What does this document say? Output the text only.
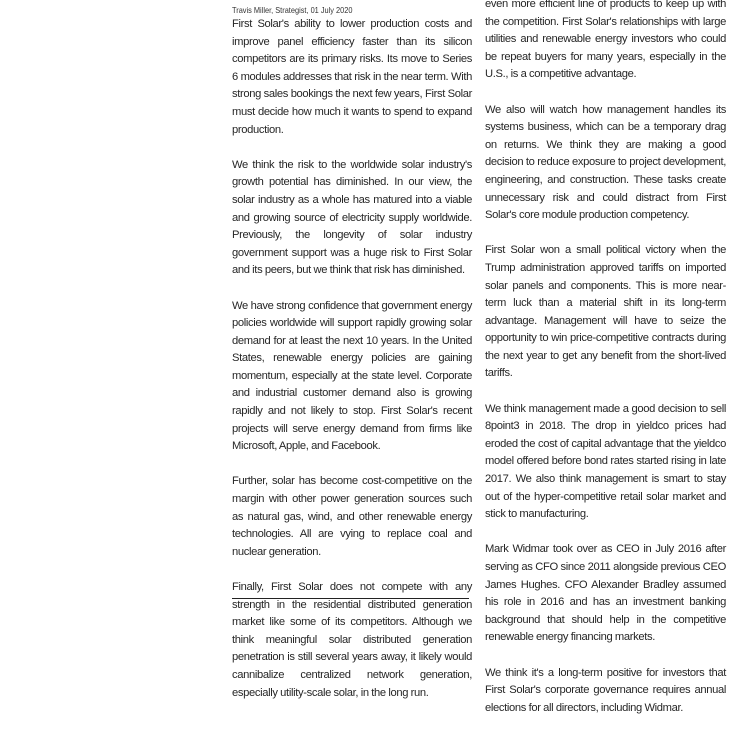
Travis Miller, Strategist, 01 July 2020

First Solar's ability to lower production costs and improve panel efficiency faster than its silicon competitors are its primary risks. Its move to Series 6 modules addresses that risk in the near term. With strong sales bookings the next few years, First Solar must decide how much it wants to spend to expand production.

We think the risk to the worldwide solar industry's growth potential has diminished. In our view, the solar industry as a whole has matured into a viable and growing source of electricity supply worldwide. Previously, the longevity of solar industry government support was a huge risk to First Solar and its peers, but we think that risk has diminished.

We have strong confidence that government energy policies worldwide will support rapidly growing solar demand for at least the next 10 years. In the United States, renewable energy policies are gaining momentum, especially at the state level. Corporate and industrial customer demand also is growing rapidly and not likely to stop. First Solar's recent projects will serve energy demand from firms like Microsoft, Apple, and Facebook.

Further, solar has become cost-competitive on the margin with other power generation sources such as natural gas, wind, and other renewable energy technologies. All are vying to replace coal and nuclear generation.

Finally, First Solar does not compete with any strength in the residential distributed generation market like some of its competitors. Although we think meaningful solar distributed generation penetration is still several years away, it likely would cannibalize centralized network generation, especially utility-scale solar, in the long run.

even more efficient line of products to keep up with the competition. First Solar's relationships with large utilities and renewable energy investors who could be repeat buyers for many years, especially in the U.S., is a competitive advantage.

We also will watch how management handles its systems business, which can be a temporary drag on returns. We think they are making a good decision to reduce exposure to project development, engineering, and construction. These tasks create unnecessary risk and could distract from First Solar's core module production competency.

First Solar won a small political victory when the Trump administration approved tariffs on imported solar panels and components. This is more near-term luck than a material shift in its long-term advantage. Management will have to seize the opportunity to win price-competitive contracts during the next year to get any benefit from the short-lived tariffs.

We think management made a good decision to sell 8point3 in 2018. The drop in yieldco prices had eroded the cost of capital advantage that the yieldco model offered before bond rates started rising in late 2017. We also think management is smart to stay out of the hyper-competitive retail solar market and stick to manufacturing.

Mark Widmar took over as CEO in July 2016 after serving as CFO since 2011 alongside previous CEO James Hughes. CFO Alexander Bradley assumed his role in 2016 and has an investment banking background that should help in the competitive renewable energy financing markets.

We think it's a long-term positive for investors that First Solar's corporate governance requires annual elections for all directors, including Widmar.
